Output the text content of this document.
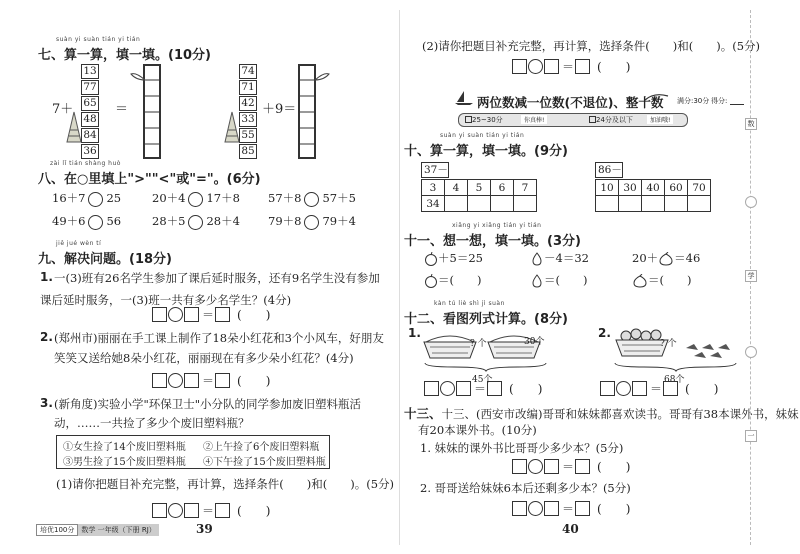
suàn yi suàn tián yi tián
七、算一算，填一填。(10分)
7＋
13
77
65
48
84
36
＝
74
71
42
33
55
85
＋9＝
zài lǐ tián shàng huò
八、在○里填上">""<"或"="。(6分)
16＋7 25	20＋4 17＋8 57＋8 57＋5
49＋6 56	28＋5 28＋4 79＋8 79＋4
jiě jué wèn tí
九、解决问题。(18分)
1. 一(3)班有26名学生参加了课后延时服务，还有9名学生没有参加
课后延时服务，一(3)班一共有多少名学生？(4分)
＝ (　　)
2. (郑州市)丽丽在手工课上制作了18朵小红花和3个小风车，好朋友
笑笑又送给她8朵小红花，丽丽现在有多少朵小红花？(4分)
＝ (　　)
3. (新角度)实验小学"环保卫士"小分队的同学参加废旧塑料瓶活
动，……一共捡了多少个废旧塑料瓶？
①女生捡了14个废旧塑料瓶 ②上午捡了6个废旧塑料瓶
③男生捡了15个废旧塑料瓶 ④下午捡了15个废旧塑料瓶
(1)请你把题目补充完整，再计算，选择条件(　　)和(　　)。(5分)
＝ (　　)
培优100分	数学 一年级（下册 RJ）	39
(2)请你把题目补充完整，再计算，选择条件(　　)和(　　)。(5分)
＝ (　　)
两位数减一位数(不退位)、整十数 满分:30分 得分:
25~30分	你真棒!	24分及以下	加油哦!
suàn yi suàn tián yi tián
十、算一算，填一填。(9分)
37－
3	4	5	6	7
34				
86－
10	30	40	60	70

xiǎng yi xiǎng tián yi tián
十一、想一想，填一填。(3分)
＋5＝25
＝(　　)
－4＝32
＝(　　)
20＋ ＝46
＝(　　)
kàn tú liè shì jì suàn
十二、看图列式计算。(8分)
1.
? 个	30个
45个
＝ (　　)
2.
? 个
68个
＝ (　　)
十三、十三、(西安市改编)哥哥和妹妹都喜欢读书。哥哥有38本课外书，妹妹
有20本课外书。(10分)
1. 妹妹的课外书比哥哥少多少本？(5分)
＝ (　　)
2. 哥哥送给妹妹6本后还剩多少本？(5分)
＝ (　　)
40
数
学
一
